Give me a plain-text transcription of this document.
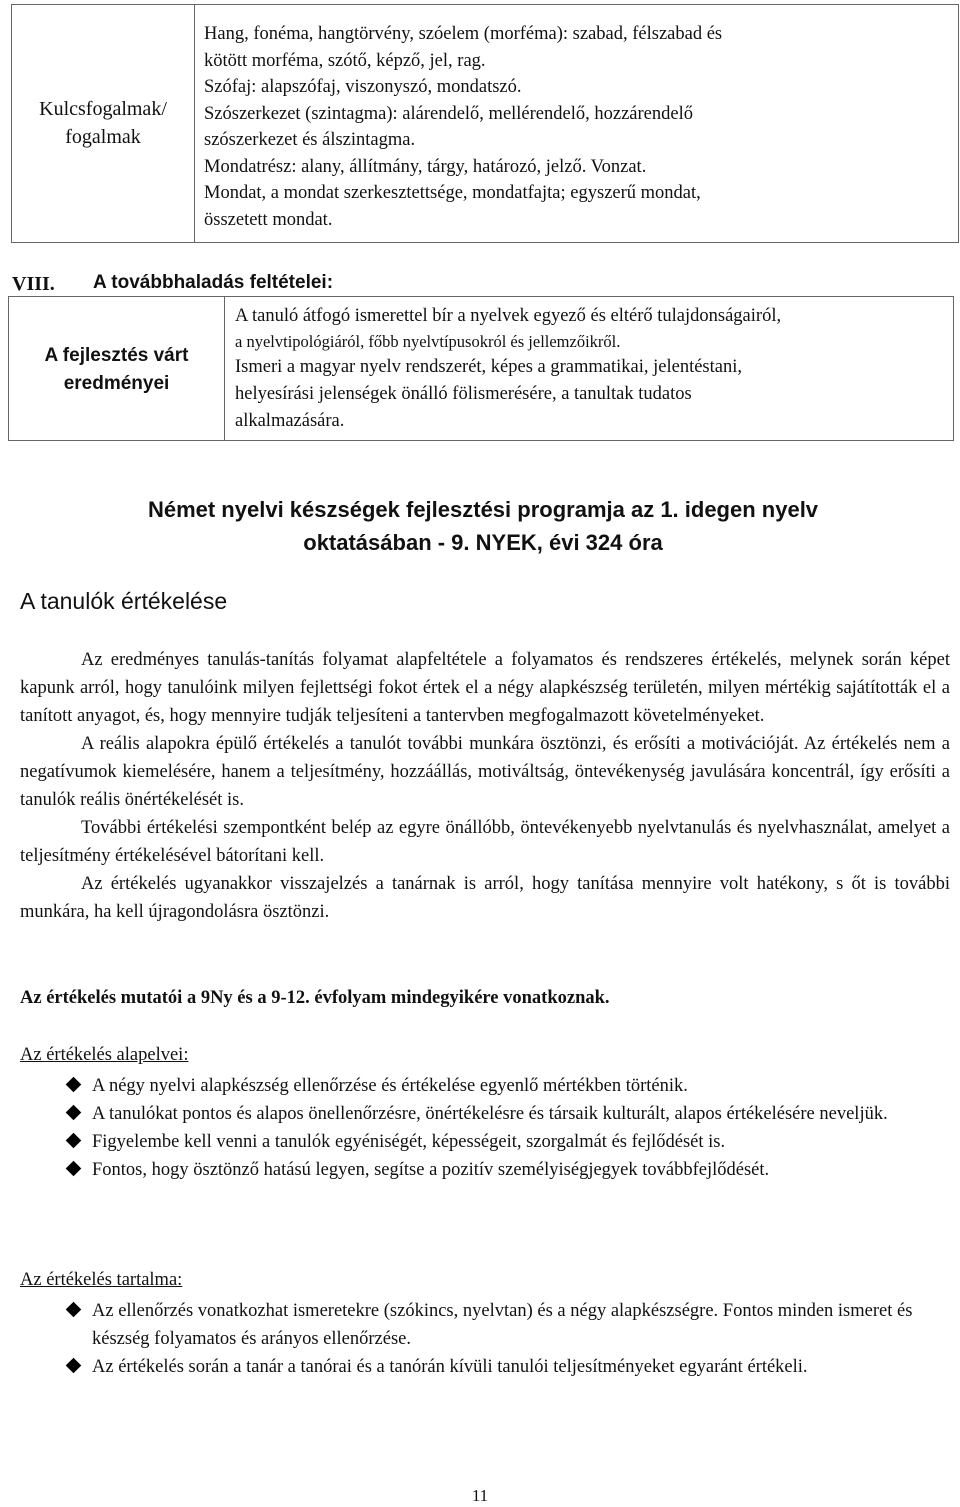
Kulcsfogalmak/
fogalmak
Hang, fonéma, hangtörvény, szóelem (morféma): szabad, félszabad és
kötött morféma, szótő, képző, jel, rag.
Szófaj: alapszófaj, viszonyszó, mondatszó.
Szószerkezet (szintagma): alárendelő, mellérendelő, hozzárendelő
szószerkezet és álszintagma.
Mondatrész: alany, állítmány, tárgy, határozó, jelző. Vonzat.
Mondat, a mondat szerkesztettsége, mondatfajta; egyszerű mondat,
összetett mondat.
VIII. A továbbhaladás feltételei:
A fejlesztés várt
eredményei
A tanuló átfogó ismerettel bír a nyelvek egyező és eltérő tulajdonságairól,
a nyelvtipológiáról, főbb nyelvtípusokról és jellemzőikről.
Ismeri a magyar nyelv rendszerét, képes a grammatikai, jelentéstani,
helyesírási jelenségek önálló fölismerésére, a tanultak tudatos
alkalmazására.
Német nyelvi készségek fejlesztési programja az 1. idegen nyelv
oktatásában - 9. NYEK, évi 324 óra
A tanulók értékelése

Az eredményes tanulás-tanítás folyamat alapfeltétele a folyamatos és rendszeres értékelés, melynek során képet kapunk arról, hogy tanulóink milyen fejlettségi fokot értek el a négy alapkészség területén, milyen mértékig sajátították el a tanított anyagot, és, hogy mennyire tudják teljesíteni a tantervben megfogalmazott követelményeket.

A reális alapokra épülő értékelés a tanulót további munkára ösztönzi, és erősíti a motivációját. Az értékelés nem a negatívumok kiemelésére, hanem a teljesítmény, hozzáállás, motiváltság, öntevékenység javulására koncentrál, így erősíti a tanulók reális önértékelését is.

További értékelési szempontként belép az egyre önállóbb, öntevékenyebb nyelvtanulás és nyelvhasználat, amelyet a teljesítmény értékelésével bátorítani kell.

Az értékelés ugyanakkor visszajelzés a tanárnak is arról, hogy tanítása mennyire volt hatékony, s őt is további munkára, ha kell újragondolásra ösztönzi.

Az értékelés mutatói a 9Ny és a 9-12. évfolyam mindegyikére vonatkoznak.
Az értékelés alapelvei:
A négy nyelvi alapkészség ellenőrzése és értékelése egyenlő mértékben történik.
A tanulókat pontos és alapos önellenőrzésre, önértékelésre és társaik kulturált, alapos értékelésére neveljük.
Figyelembe kell venni a tanulók egyéniségét, képességeit, szorgalmát és fejlődését is.
Fontos, hogy ösztönző hatású legyen, segítse a pozitív személyiségjegyek továbbfejlődését.
Az értékelés tartalma:
Az ellenőrzés vonatkozhat ismeretekre (szókincs, nyelvtan) és a négy alapkészségre. Fontos minden ismeret és készség folyamatos és arányos ellenőrzése.
Az értékelés során a tanár a tanórai és a tanórán kívüli tanulói teljesítményeket egyaránt értékeli.
11
